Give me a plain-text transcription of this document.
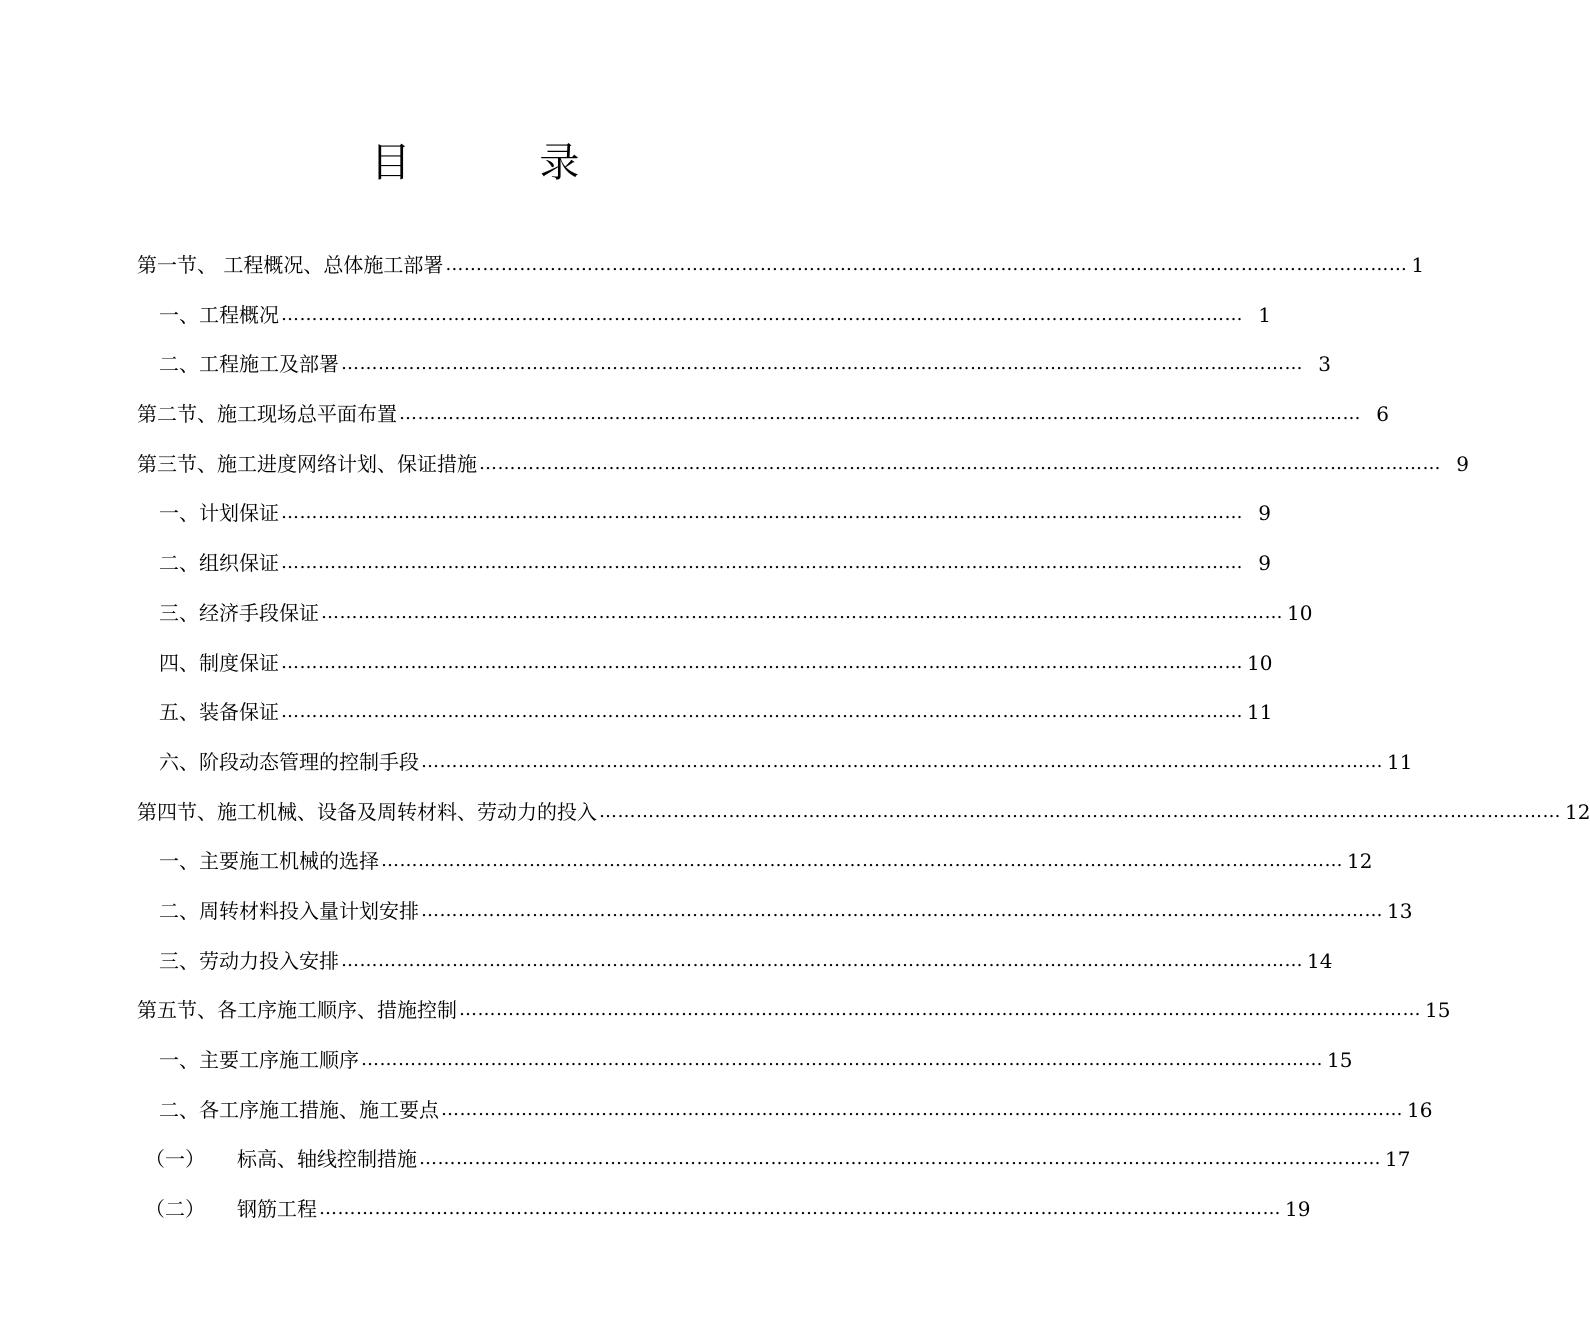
目 录
第一节、 工程概况、总体施工部署 ………………………………………………………………………………………………………………………………………… 1
一、工程概况 ………………………………………………………………………………………………………………………………………… 1
二、工程施工及部署 ………………………………………………………………………………………………………………………………………… 3
第二节、施工现场总平面布置 ………………………………………………………………………………………………………………………………………… 6
第三节、施工进度网络计划、保证措施 ………………………………………………………………………………………………………………………………………… 9
一、计划保证 ………………………………………………………………………………………………………………………………………… 9
二、组织保证 ………………………………………………………………………………………………………………………………………… 9
三、经济手段保证 ………………………………………………………………………………………………………………………………………… 10
四、制度保证 ………………………………………………………………………………………………………………………………………… 10
五、装备保证 ………………………………………………………………………………………………………………………………………… 11
六、阶段动态管理的控制手段 ………………………………………………………………………………………………………………………………………… 11
第四节、施工机械、设备及周转材料、劳动力的投入 ………………………………………………………………………………………………………………………………………… 12
一、主要施工机械的选择 ………………………………………………………………………………………………………………………………………… 12
二、周转材料投入量计划安排 ………………………………………………………………………………………………………………………………………… 13
三、劳动力投入安排 ………………………………………………………………………………………………………………………………………… 14
第五节、各工序施工顺序、措施控制 ………………………………………………………………………………………………………………………………………… 15
一、主要工序施工顺序 ………………………………………………………………………………………………………………………………………… 15
二、各工序施工措施、施工要点 ………………………………………………………………………………………………………………………………………… 16
（一）	标高、轴线控制措施 ………………………………………………………………………………………………………………………………………… 17
（二）	钢筋工程 ………………………………………………………………………………………………………………………………………… 19
